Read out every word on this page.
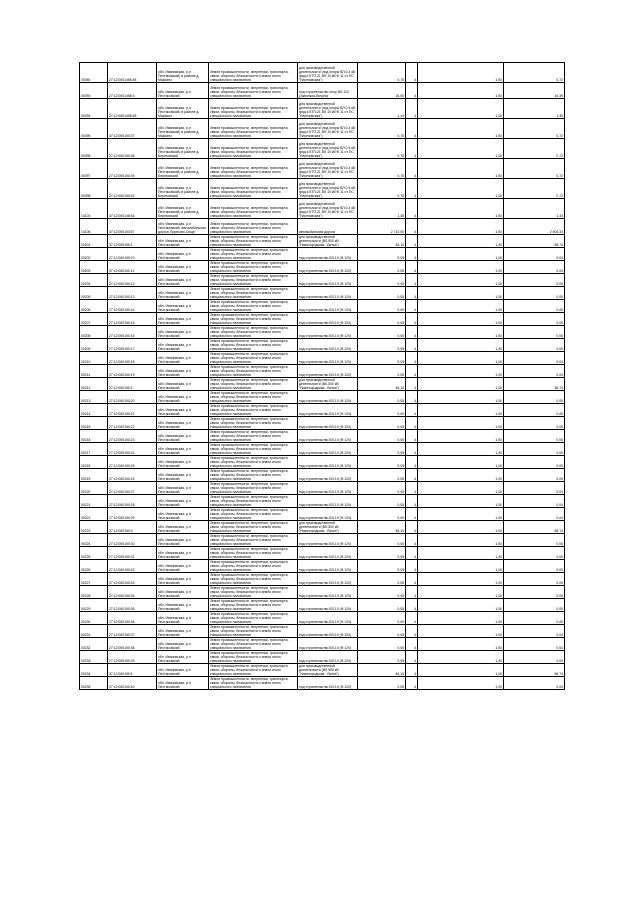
00050	27:12:0601458:48	обл. Ивановская, р-н Пестяковский, в районе д. Марьино	Земли промышленности, энергетики, транспорта, связи, обороны, безопасности и земли иного специального назначения	для производственной деятельности (под опоры ВЛ 0,4 кВ фид.4 КТП-21 ВЛ 10 кВ Ф.11 от ПС "Березовская")	0,75	4	1,00	0,72
00093	27:12:0601458:3	обл. Ивановская, р-н Пестяковский	Земли промышленности, энергетики, транспорта, связи, обороны, безопасности и земли иного специального назначения	под строительство опор ВЛ-110 (Заволжск-Вичуга)	16,00	4	1,00	15,39
00494	27:12:0601458:48	обл. Ивановская, р-н Пестяковский, в районе д. Марьино	Земли промышленности, энергетики, транспорта, связи, обороны, безопасности и земли иного специального назначения	для производственной деятельности (под опоры ВЛ 0,4 кВ фид.4 КТП-21 ВЛ 10 кВ Ф.11 от ПС "Березовская")	1,44	4	1,00	1,39
00495	37:12:060150:37	обл. Ивановская, р-н Пестяковский, в районе д. Марьино	Земли промышленности, энергетики, транспорта, связи, обороны, безопасности и земли иного специального назначения	для производственной деятельности (под опоры ВЛ 0,4 кВ фид.4 КТП-21 ВЛ 10 кВ Ф.11 от ПС "Березовская")	0,75	4	1,00	0,72
00096	37:12:060150:38	обл. Ивановская, р-н Пестяковский, в районе д. Березовский	Земли промышленности, энергетики, транспорта, связи, обороны, безопасности и земли иного специального назначения	для производственной деятельности (под опоры ВЛ 0,4 кВ фид.4 КТП-21 ВЛ 10 кВ Ф.11 от ПС "Березовская")	0,75	4	1,00	0,72
00097	27:12:060150:39	обл. Ивановская, р-н Пестяковский, в районе д. Березовский	Земли промышленности, энергетики, транспорта, связи, обороны, безопасности и земли иного специального назначения	для производственной деятельности (под опоры ВЛ 0,4 кВ фид.4 КТП-21 ВЛ 10 кВ Ф.11 от ПС "Березовская")	0,75	4	1,00	0,72
00098	27:12:060150:40	обл. Ивановская, р-н Пестяковский, в районе д. Березовский	Земли промышленности, энергетики, транспорта, связи, обороны, безопасности и земли иного специального назначения	для производственной деятельности (под опоры ВЛ 0,4 кВ фид.4 КТП-21 ВЛ 10 кВ Ф.11 от ПС "Березовская")	0,75	4	1,00	0,72
14103	37:12:060148:46	обл. Ивановская, р-н Пестяковский, в районе д. Березовский	Земли промышленности, энергетики, транспорта, связи, обороны, безопасности и земли иного специального назначения	для производственной деятельности (под опоры ВЛ 0,4 кВ фид.4 КТП-21 ВЛ 10 кВ Ф.11 от ПС "Березовская")	1,38	4	1,00	1,33
14106	37:12:060153:57	обл. Ивановская, р-н Пестяковский, автомобильная дорога Пурехово-Сеще	Земли промышленности, энергетики, транспорта, связи, обороны, безопасности и земли иного специального назначения	автомобильная дорога	2 710,00	4	1,00	2 604,33
00201	37:12:060150:1	обл. Ивановская, р-н Пестяковский	Земли промышленности, энергетики, транспорта, связи, обороны, безопасности и земли иного специального назначения	для производственной деятельности (ВЛ-500 кВ "Нижегородская - Вятка")	46,10	4	1,00	56,74
00202	27:12:060150:10	обл. Ивановская, р-н Пестяковский	Земли промышленности, энергетики, транспорта, связи, обороны, безопасности и земли иного специального назначения	под строительство ВЛ-10 (Ф.120)	0,05	4	1,00	0,04
00203	37:12:060150:11	обл. Ивановская, р-н Пестяковский	Земли промышленности, энергетики, транспорта, связи, обороны, безопасности и земли иного специального назначения	под строительство ВЛ-10 (Ф.120)	0,05	4	1,00	0,04
00204	27:12:060150:12	обл. Ивановская, р-н Пестяковский	Земли промышленности, энергетики, транспорта, связи, обороны, безопасности и земли иного специального назначения	под строительство ВЛ-10 (Ф.120)	0,05	4	1,00	0,05
00205	27:12:060150:13	обл. Ивановская, р-н Пестяковский	Земли промышленности, энергетики, транспорта, связи, обороны, безопасности и земли иного специального назначения	под строительство ВЛ-10 (Ф.120)	0,05	4	1,00	0,05
00206	27:12:060150:14	обл. Ивановская, р-н Пестяковский	Земли промышленности, энергетики, транспорта, связи, обороны, безопасности и земли иного специального назначения	под строительство ВЛ-10 (Ф.120)	0,05	4	1,00	0,05
00207	27:12:060150:15	обл. Ивановская, р-н Пестяковский	Земли промышленности, энергетики, транспорта, связи, обороны, безопасности и земли иного специального назначения	под строительство ВЛ-10 (Ф.120)	0,05	4	1,00	0,05
00208	27:12:060150:16	обл. Ивановская, р-н Пестяковский	Земли промышленности, энергетики, транспорта, связи, обороны, безопасности и земли иного специального назначения	под строительство ВЛ-10 (Ф.120)	0,05	4	1,00	0,05
00209	27:12:060150:17	обл. Ивановская, р-н Пестяковский	Земли промышленности, энергетики, транспорта, связи, обороны, безопасности и земли иного специального назначения	под строительство ВЛ-10 (Ф.120)	0,05	4	1,00	0,05
00210	27:12:060150:18	обл. Ивановская, р-н Пестяковский	Земли промышленности, энергетики, транспорта, связи, обороны, безопасности и земли иного специального назначения	под строительство ВЛ-10 (Ф.120)	0,05	4	1,00	0,04
00211	27:12:060150:19	обл. Ивановская, р-н Пестяковский	Земли промышленности, энергетики, транспорта, связи, обороны, безопасности и земли иного специального назначения	под строительство ВЛ-10 (Ф.120)	0,05	4	1,00	0,04
00212	37:12:060150:2	обл. Ивановская, р-н Пестяковский	Земли промышленности, энергетики, транспорта, связи, обороны, безопасности и земли иного специального назначения	для производственной деятельности (ВЛ-500 кВ "Нижегородская - Вятка")	46,10	4	1,00	56,74
00213	27:12:060150:20	обл. Ивановская, р-н Пестяковский	Земли промышленности, энергетики, транспорта, связи, обороны, безопасности и земли иного специального назначения	под строительство ВЛ-10 (Ф.120)	0,05	4	1,00	0,05
00214	27:12:060150:21	обл. Ивановская, р-н Пестяковский	Земли промышленности, энергетики, транспорта, связи, обороны, безопасности и земли иного специального назначения	под строительство ВЛ-10 (Ф.120)	0,05	4	1,00	0,05
00215	27:12:060150:22	обл. Ивановская, р-н Пестяковский	Земли промышленности, энергетики, транспорта, связи, обороны, безопасности и земли иного специального назначения	под строительство ВЛ-10 (Ф.120)	0,05	4	1,00	0,05
00216	27:12:060150:23	обл. Ивановская, р-н Пестяковский	Земли промышленности, энергетики, транспорта, связи, обороны, безопасности и земли иного специального назначения	под строительство ВЛ-10 (Ф.120)	0,05	4	1,00	0,05
00217	27:12:060150:24	обл. Ивановская, р-н Пестяковский	Земли промышленности, энергетики, транспорта, связи, обороны, безопасности и земли иного специального назначения	под строительство ВЛ-10 (Ф.120)	0,05	4	1,00	0,05
00218	27:12:060150:25	обл. Ивановская, р-н Пестяковский	Земли промышленности, энергетики, транспорта, связи, обороны, безопасности и земли иного специального назначения	под строительство ВЛ-10 (Ф.120)	0,05	4	1,00	0,05
00219	27:12:060150:26	обл. Ивановская, р-н Пестяковский	Земли промышленности, энергетики, транспорта, связи, обороны, безопасности и земли иного специального назначения	под строительство ВЛ-10 (Ф.120)	0,05	4	1,00	0,05
00220	27:12:060150:27	обл. Ивановская, р-н Пестяковский	Земли промышленности, энергетики, транспорта, связи, обороны, безопасности и земли иного специального назначения	под строительство ВЛ-10 (Ф.120)	0,05	4	1,00	0,04
00221	27:12:060150:28	обл. Ивановская, р-н Пестяковский	Земли промышленности, энергетики, транспорта, связи, обороны, безопасности и земли иного специального назначения	под строительство ВЛ-10 (Ф.120)	0,05	4	1,00	0,04
00222	27:12:060150:29	обл. Ивановская, р-н Пестяковский	Земли промышленности, энергетики, транспорта, связи, обороны, безопасности и земли иного специального назначения	под строительство ВЛ-10 (Ф.120)	0,05	4	1,00	0,04
00223	37:12:060150:3	обл. Ивановская, р-н Пестяковский	Земли промышленности, энергетики, транспорта, связи, обороны, безопасности и земли иного специального назначения	для производственной деятельности (ВЛ-500 кВ "Нижегородская - Вятка")	46,10	4	1,00	56,74
00224	27:12:060150:30	обл. Ивановская, р-н Пестяковский	Земли промышленности, энергетики, транспорта, связи, обороны, безопасности и земли иного специального назначения	под строительство ВЛ-10 (Ф.120)	0,05	4	1,00	0,05
00225	27:12:060150:31	обл. Ивановская, р-н Пестяковский	Земли промышленности, энергетики, транспорта, связи, обороны, безопасности и земли иного специального назначения	под строительство ВЛ-10 (Ф.120)	0,05	4	1,00	0,05
00226	27:12:060150:32	обл. Ивановская, р-н Пестяковский	Земли промышленности, энергетики, транспорта, связи, обороны, безопасности и земли иного специального назначения	под строительство ВЛ-10 (Ф.120)	0,05	4	1,00	0,05
00227	27:12:060150:33	обл. Ивановская, р-н Пестяковский	Земли промышленности, энергетики, транспорта, связи, обороны, безопасности и земли иного специального назначения	под строительство ВЛ-10 (Ф.120)	0,05	4	1,00	0,05
00228	27:12:060150:34	обл. Ивановская, р-н Пестяковский	Земли промышленности, энергетики, транспорта, связи, обороны, безопасности и земли иного специального назначения	под строительство ВЛ-10 (Ф.120)	0,05	4	1,00	0,05
00229	27:12:060150:35	обл. Ивановская, р-н Пестяковский	Земли промышленности, энергетики, транспорта, связи, обороны, безопасности и земли иного специального назначения	под строительство ВЛ-10 (Ф.120)	0,05	4	1,00	0,05
00230	27:12:060150:36	обл. Ивановская, р-н Пестяковский	Земли промышленности, энергетики, транспорта, связи, обороны, безопасности и земли иного специального назначения	под строительство ВЛ-10 (Ф.120)	0,05	4	1,00	0,05
00231	27:12:060150:37	обл. Ивановская, р-н Пестяковский	Земли промышленности, энергетики, транспорта, связи, обороны, безопасности и земли иного специального назначения	под строительство ВЛ-10 (Ф.120)	0,05	4	1,00	0,04
00232	27:12:060150:38	обл. Ивановская, р-н Пестяковский	Земли промышленности, энергетики, транспорта, связи, обороны, безопасности и земли иного специального назначения	под строительство ВЛ-10 (Ф.120)	0,05	4	1,00	0,04
00233	27:12:060150:39	обл. Ивановская, р-н Пестяковский	Земли промышленности, энергетики, транспорта, связи, обороны, безопасности и земли иного специального назначения	под строительство ВЛ-10 (Ф.120)	0,05	4	1,00	0,04
00234	37:12:060150:4	обл. Ивановская, р-н Пестяковский	Земли промышленности, энергетики, транспорта, связи, обороны, безопасности и земли иного специального назначения	для производственной деятельности (ВЛ-500 кВ "Нижегородская - Вятка")	46,10	4	1,00	56,74
00235	27:12:060150:40	обл. Ивановская, р-н Пестяковский	Земли промышленности, энергетики, транспорта, связи, обороны, безопасности и земли иного специального назначения	под строительство ВЛ-10 (Ф.120)	0,05	4	1,00	0,04
